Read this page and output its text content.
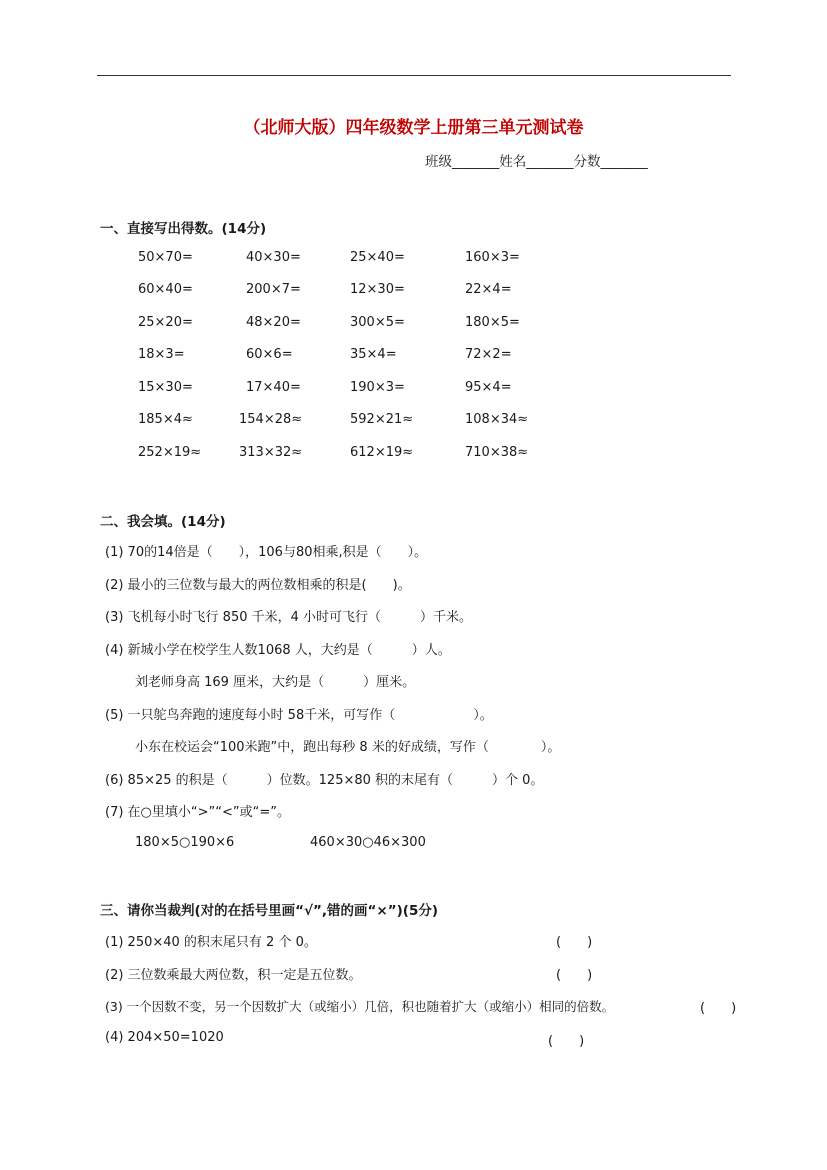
（北师大版）四年级数学上册第三单元测试卷
班级_______姓名_______分数_______
一、直接写出得数。(14分)
50×70=	40×30=	25×40=	160×3=
60×40=	200×7=	12×30=	22×4=
25×20=	48×20=	300×5=	180×5=
18×3=	60×6=	35×4=	72×2=
15×30=	17×40=	190×3=	95×4=
185×4≈	154×28≈	592×21≈	108×34≈
252×19≈	313×32≈	612×19≈	710×38≈
二、我会填。(14分)
(1) 70的14倍是（　　），106与80相乘,积是（　　）。
(2) 最小的三位数与最大的两位数相乘的积是(　　)。
(3) 飞机每小时飞行 850 千米，4 小时可飞行（　　　）千米。
(4) 新城小学在校学生人数1068 人，大约是（　　　）人。
刘老师身高 169 厘米，大约是（　　　）厘米。
(5) 一只鸵鸟奔跑的速度每小时 58千米，可写作（　　　　　　）。
小东在校运会“100米跑”中，跑出每秒 8 米的好成绩，写作（　　　　）。
(6) 85×25 的积是（　　　）位数。125×80 积的末尾有（　　　）个 0。
(7) 在○里填小“>”“<”或“=”。
180×5○190×6	460×30○46×300
三、请你当裁判(对的在括号里画“√”,错的画“×”)(5分)
(1) 250×40 的积末尾只有 2 个 0。	(　　)
(2) 三位数乘最大两位数，积一定是五位数。	(　　)
(3) 一个因数不变，另一个因数扩大（或缩小）几倍，积也随着扩大（或缩小）相同的倍数。	(　　)
(4) 204×50=1020	(　　)
